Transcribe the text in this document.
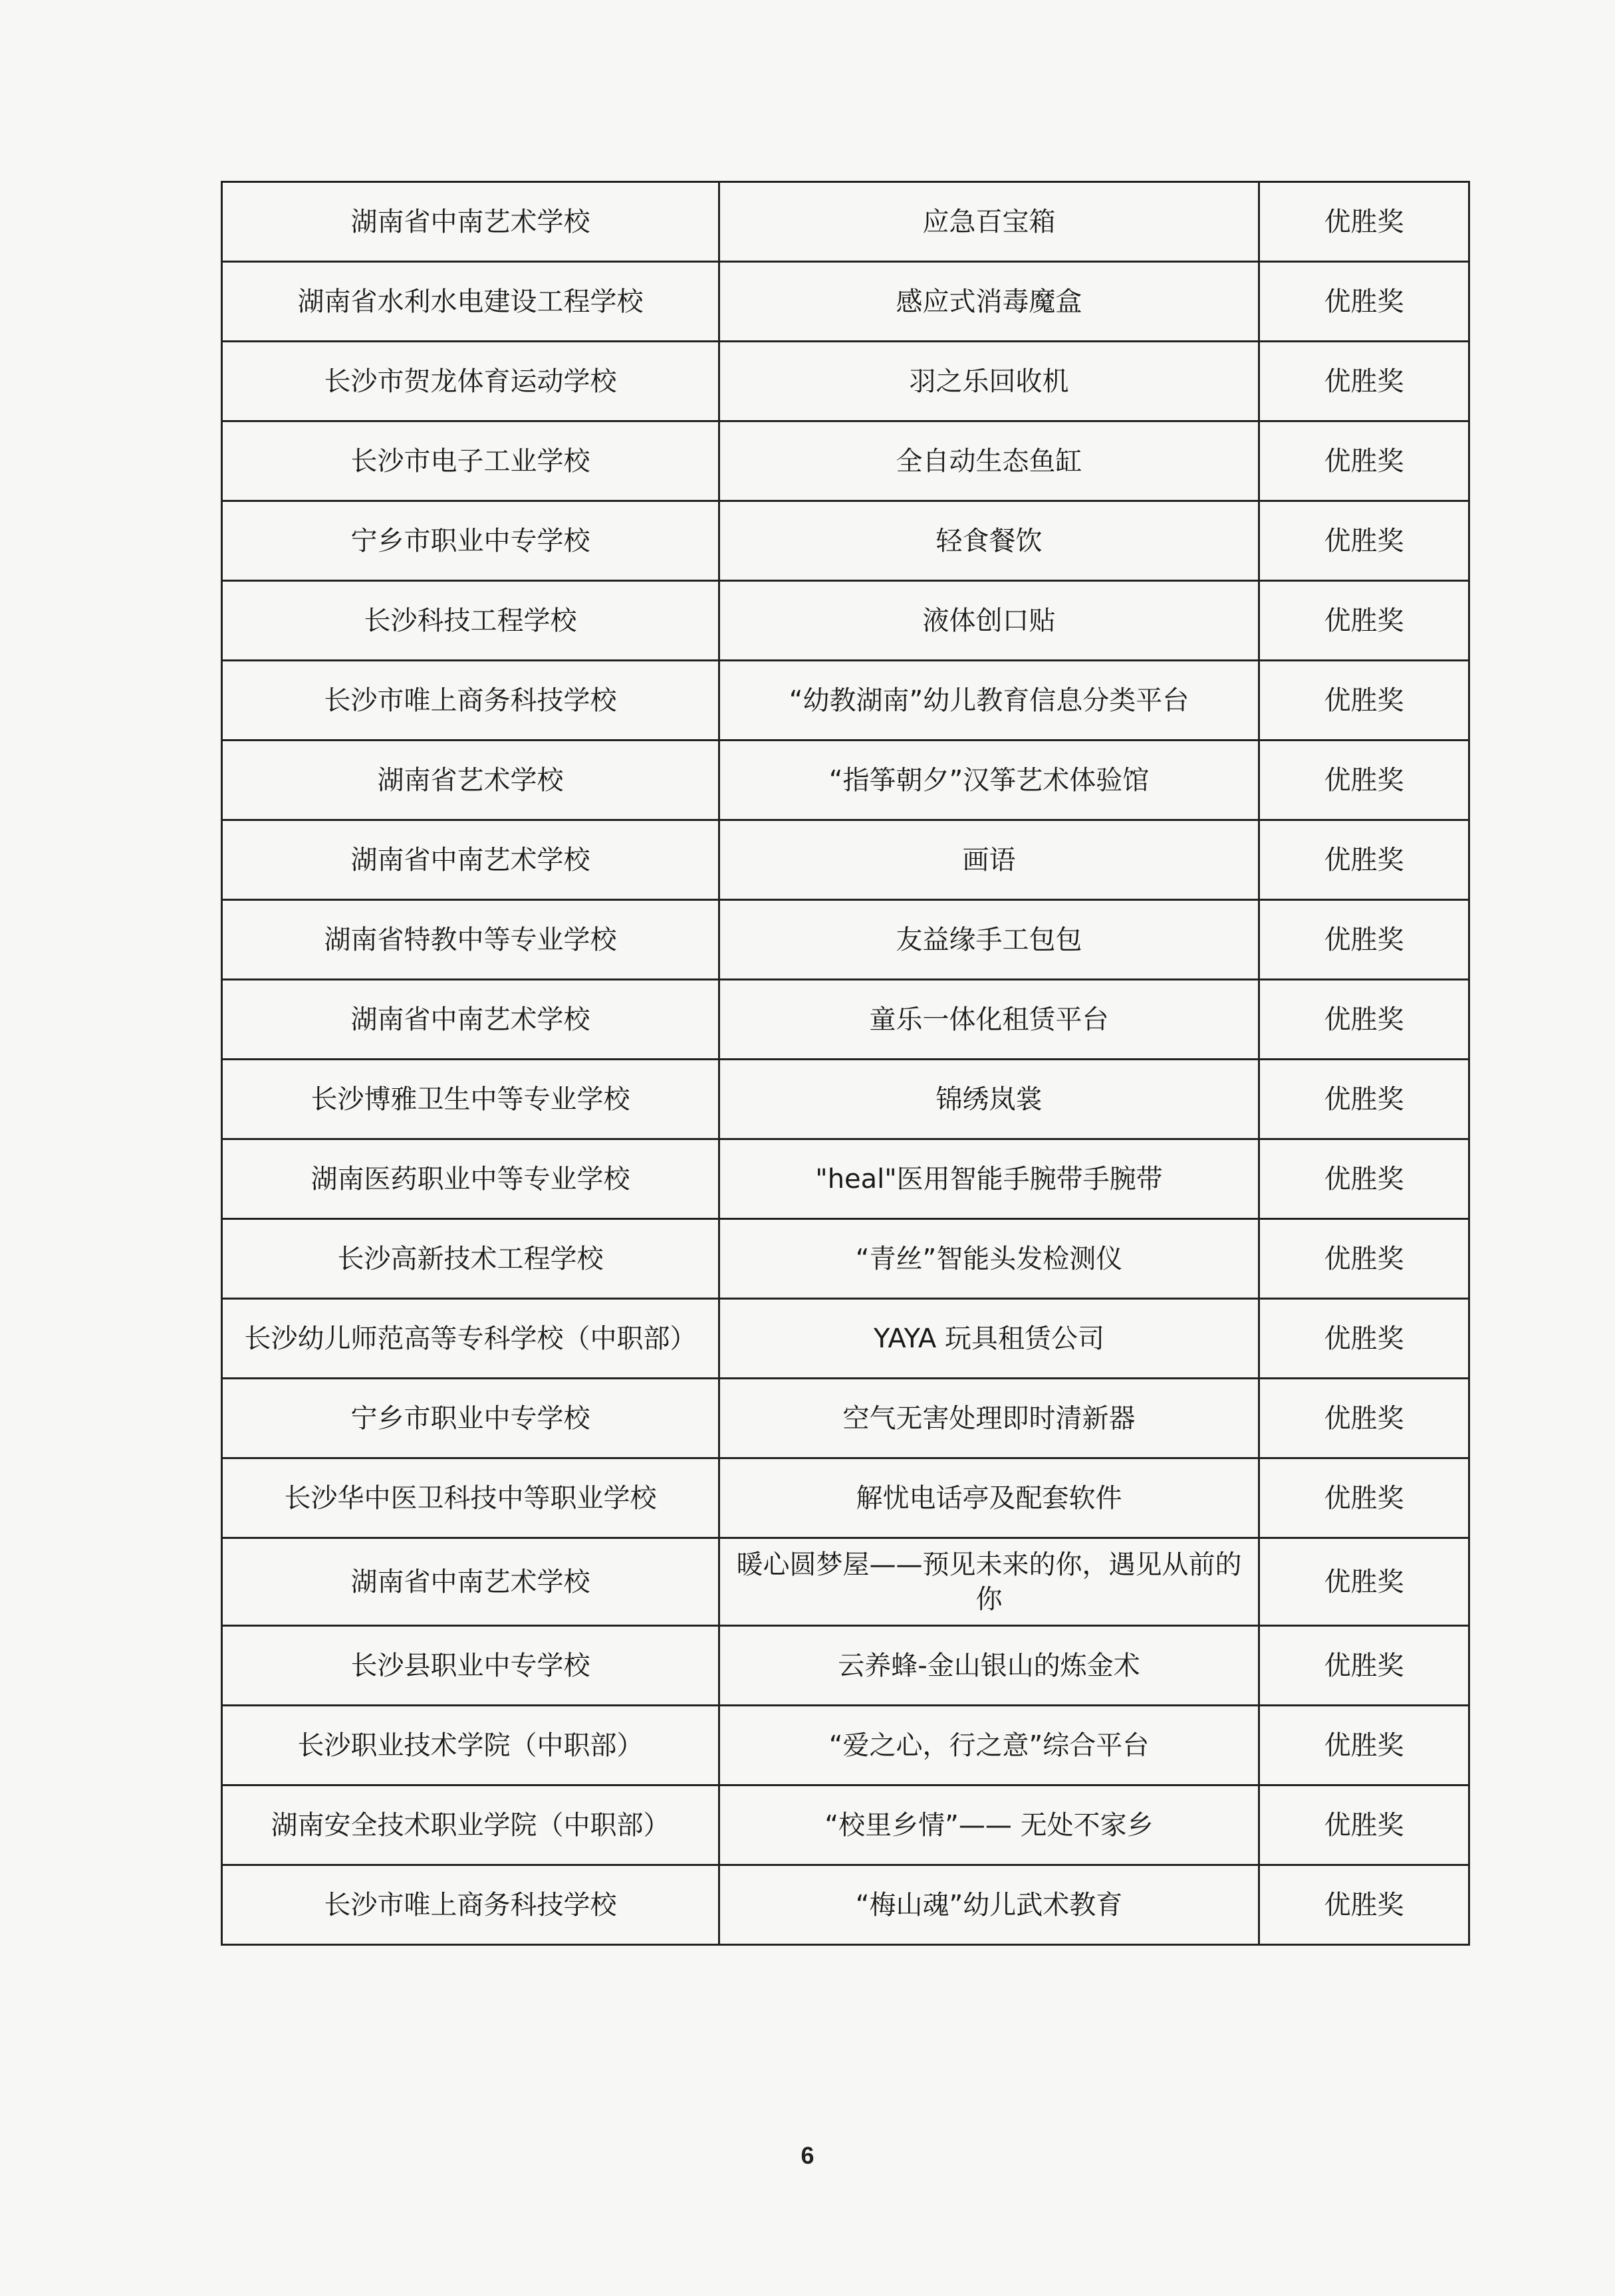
湖南省中南艺术学校	应急百宝箱	优胜奖
湖南省水利水电建设工程学校	感应式消毒魔盒	优胜奖
长沙市贺龙体育运动学校	羽之乐回收机	优胜奖
长沙市电子工业学校	全自动生态鱼缸	优胜奖
宁乡市职业中专学校	轻食餐饮	优胜奖
长沙科技工程学校	液体创口贴	优胜奖
长沙市唯上商务科技学校	“幼教湖南”幼儿教育信息分类平台	优胜奖
湖南省艺术学校	“指筝朝夕”汉筝艺术体验馆	优胜奖
湖南省中南艺术学校	画语	优胜奖
湖南省特教中等专业学校	友益缘手工包包	优胜奖
湖南省中南艺术学校	童乐一体化租赁平台	优胜奖
长沙博雅卫生中等专业学校	锦绣岚裳	优胜奖
湖南医药职业中等专业学校	"heal"医用智能手腕带手腕带	优胜奖
长沙高新技术工程学校	“青丝”智能头发检测仪	优胜奖
长沙幼儿师范高等专科学校（中职部）	YAYA 玩具租赁公司	优胜奖
宁乡市职业中专学校	空气无害处理即时清新器	优胜奖
长沙华中医卫科技中等职业学校	解忧电话亭及配套软件	优胜奖
湖南省中南艺术学校	暖心圆梦屋——预见未来的你，遇见从前的你	优胜奖
长沙县职业中专学校	云养蜂-金山银山的炼金术	优胜奖
长沙职业技术学院（中职部）	“爱之心，行之意”综合平台	优胜奖
湖南安全技术职业学院（中职部）	“校里乡情”—— 无处不家乡	优胜奖
长沙市唯上商务科技学校	“梅山魂”幼儿武术教育	优胜奖
6
